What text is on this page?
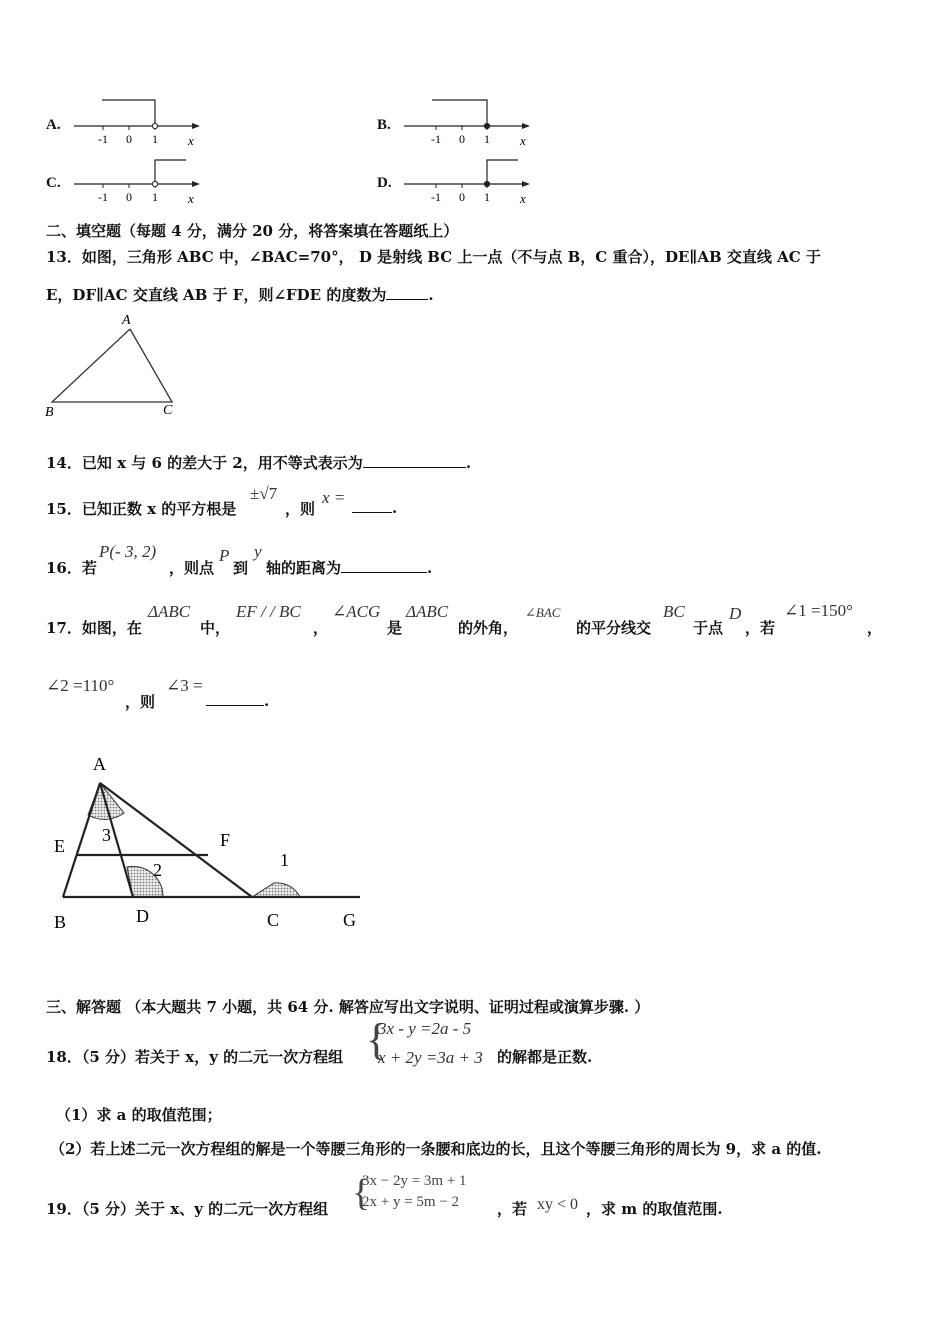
A.
-1 0 1 x
B.
-1 0 1 x
C.
-1 0 1 x
D.
-1 0 1 x
二、填空题（每题 4 分，满分 20 分，将答案填在答题纸上）
13．如图，三角形 ABC 中，∠BAC=70°， D 是射线 BC 上一点（不与点 B，C 重合），DE∥AB 交直线 AC 于
E，DF∥AC 交直线 AB 于 F，则∠FDE 的度数为	.
A
B	C
14．已知 x 与 6 的差大于 2，用不等式表示为	.
15．已知正数 x 的平方根是
±√7
，则
x =
.
16．若
P(- 3, 2)
，则点
P
到
y
轴的距离为	.
17．如图，在
ΔABC
中，
EF / / BC
，
∠ACG
是
ΔABC
的外角，
∠BAC
的平分线交
BC
于点
D
，若
∠1 =150°
，
∠2 =110°
，则
∠3 =
.
A
E	F
B	D	C	G
1
2
3
三、解答题 （本大题共 7 小题，共 64 分. 解答应写出文字说明、证明过程或演算步骤. ）
18．（5 分）若关于 x，y 的二元一次方程组 {
3x - y =2a - 5
x + 2y =3a + 3 的解都是正数.
（1）求 a 的取值范围；
（2）若上述二元一次方程组的解是一个等腰三角形的一条腰和底边的长，且这个等腰三角形的周长为 9，求 a 的值.
19．（5 分）关于 x、y 的二元一次方程组 {
3x − 2y = 3m + 1
2x + y = 5m − 2	，若 xy < 0 ，求 m 的取值范围.
